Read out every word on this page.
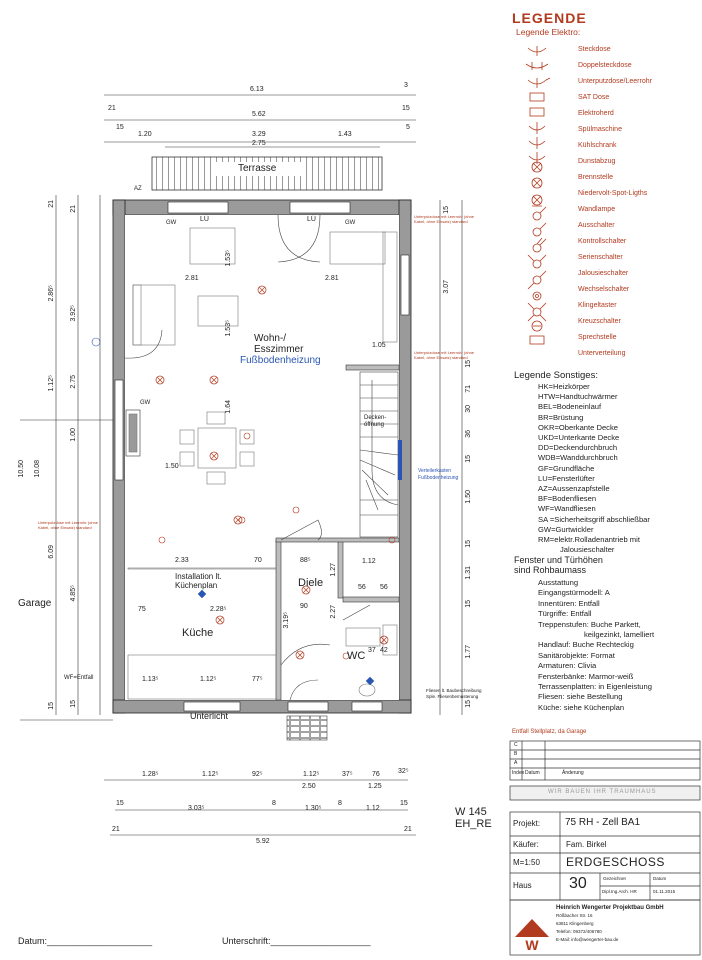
W
LEGENDE
Legende Elektro:
Steckdose
Doppelsteckdose
Unterputzdose/Leerrohr
SAT Dose
Elektroherd
Spülmaschine
Kühlschrank
Dunstabzug
Brennstelle
Niedervolt-Spot-Ligths
Wandlampe
Ausschalter
Kontrollschalter
Serienschalter
Jalousieschalter
Wechselschalter
Klingeltaster
Kreuzschalter
Sprechstelle
Unterverteilung
Legende Sonstiges:
HK=Heizkörper
HTW=Handtuchwärmer
BEL=Bodeneinlauf
BR=Brüstung
OKR=Oberkante Decke
UKD=Unterkante Decke
DD=Deckendurchbruch
WDB=Wanddurchbruch
GF=Grundfläche
LU=Fensterlüfter
AZ=Aussenzapfstelle
BF=Bodenfliesen
WF=Wandfliesen
SA =Sicherheitsgriff abschließbar
GW=Gurtwickler
RM=elektr.Rolladenantrieb mit
Jalousieschalter
Fenster und Türhöhen
sind Rohbaumass
Ausstattung
Eingangstürmodell: A
Innentüren: Entfall
Türgriffe: Entfall
Treppenstufen: Buche Parkett,
keilgezinkt, lamelliert
Handlauf: Buche Rechteckig
Sanitärobjekte: Format
Armaturen: Clivia
Fensterbänke: Marmor-weiß
Terrassenplatten: in Eigenleistung
Fliesen: siehe Bestellung
Küche: siehe Küchenplan
Entfall Stellplatz, da Garage
C
B
A
Index Datum	Änderung
WIR BAUEN IHR TRAUMHAUS
Projekt: 75 RH - Zell BA1
Käufer:	Fam. Birkel
M=1:50 ERDGESCHOSS
Haus 30	Gezeichnet
Dipl.Ing.Arch. HR
Datum
01.11.2015
Heinrich Wengerter Projektbau GmbH
Rößbacher Str. 16
63811 Klingenberg
Telefon: 09372/406780
E-Mail: info@wengerter-bau.de
Terrasse
Wohn-/
Esszimmer
Fußbodenheizung
Küche
Diele
WC
Garage
Unterlicht
Installation lt.
Küchenplan
Decken-
öffnung
Verteilerkasten
Fußbodenheizung
WF=Entfall
W 145
EH_RE
Datum:_____________________	Unterschrift:____________________
LÜ	LÜ
GW	GW
GW
AZ
Fliesen lt. Baubeschreibung
Sple. Fliesenbemusterung
Unterputzdose mit Leerrohr (ohne Kabel, ohne Einsatz) standard
Unterputzdose mit Leerrohr (ohne Kabel, ohne Einsatz) standard
Unterputzdose mit Leerrohr (ohne Kabel, ohne Einsatz) standard
6.13
3
21
5.62
15
15	5
1.20	3.29	1.43
2.75
10.50 10.08
2.86⁵
3.92⁵
1.12⁵ 2.75
1.00
6.09
4.85⁵
15
21
21
15
3.07
15
71
15
36
30
15
1.50
15
1.31
15
1.77
15
2.81	2.81
1.50
2.33
2.28⁵
75
1.13⁵	1.12⁵	77⁵
70	88⁵
1.27
56 56
1.05
3.19⁵
2.27
90
1.12
42
37
1.53⁵
1.53⁵
1.64
1.28⁵	1.12⁵	92⁵	1.12⁵	37⁵	76	32⁵
2.50	1.25
15
3.03⁵
8
1.30⁵
8
1.12
15
21
5.92
21
